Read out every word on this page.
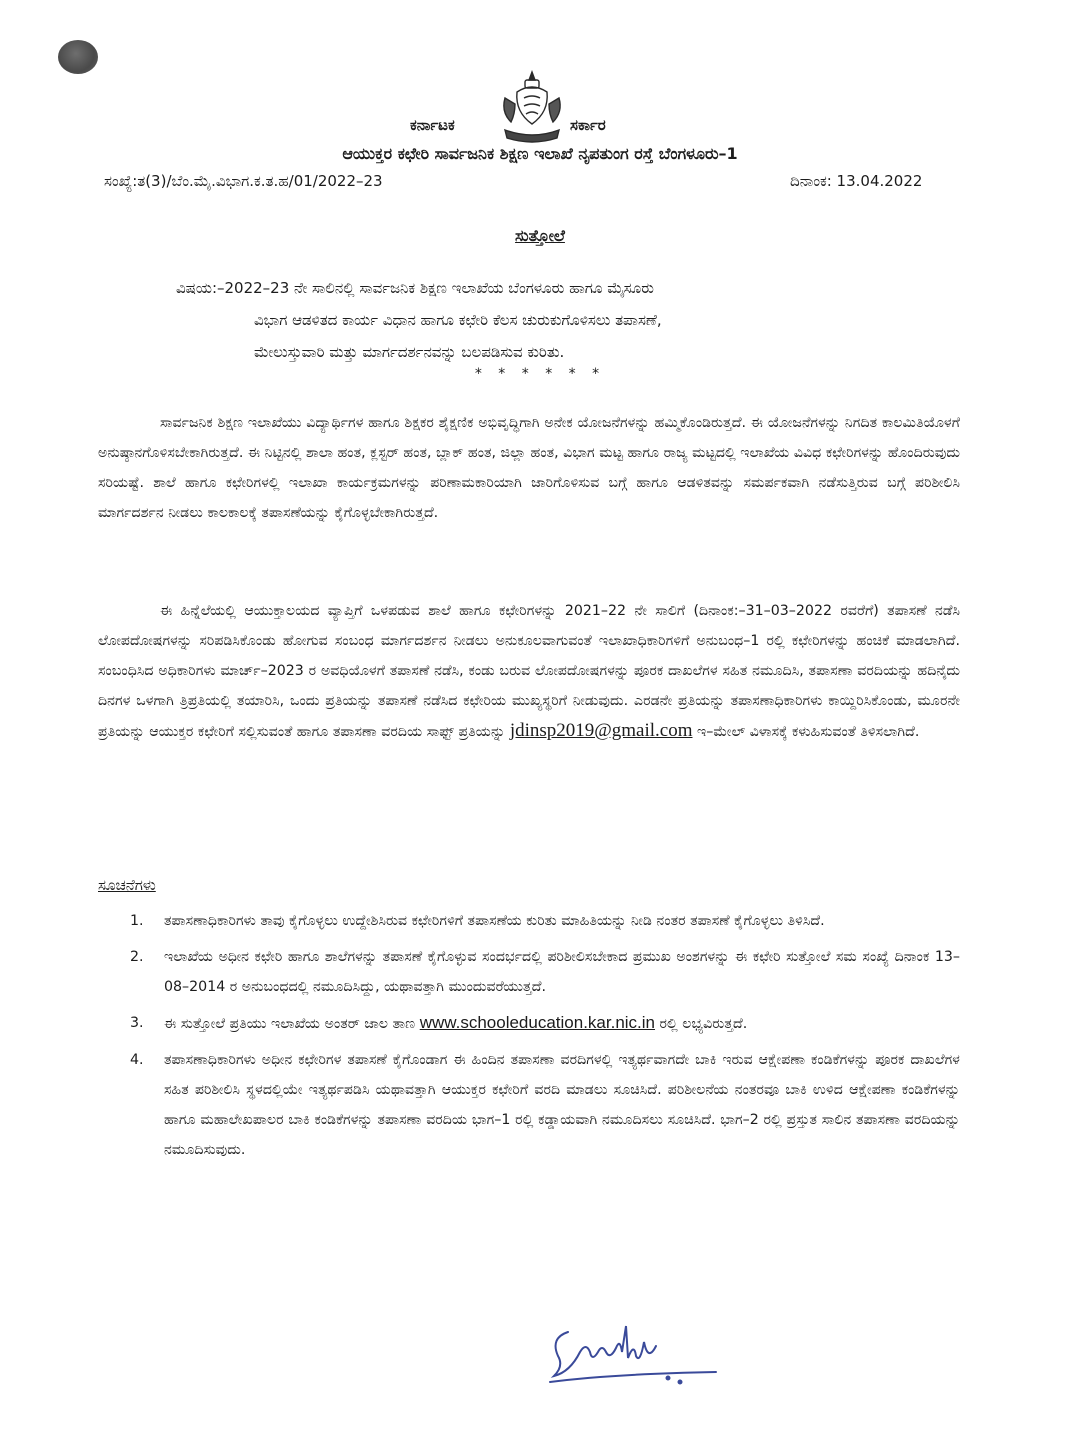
ಕರ್ನಾಟಕ	ಸರ್ಕಾರ
ಆಯುಕ್ತರ ಕಛೇರಿ ಸಾರ್ವಜನಿಕ ಶಿಕ್ಷಣ ಇಲಾಖೆ ನೃಪತುಂಗ ರಸ್ತೆ ಬೆಂಗಳೂರು–1
ಸಂಖ್ಯೆ:ತ(3)/ಬೆಂ.ಮೈ.ವಿಭಾಗ.ಕ.ತ.ಹ/01/2022–23	ದಿನಾಂಕ: 13.04.2022
ಸುತ್ತೋಲೆ
ವಿಷಯ:–2022–23 ನೇ ಸಾಲಿನಲ್ಲಿ ಸಾರ್ವಜನಿಕ ಶಿಕ್ಷಣ ಇಲಾಖೆಯ ಬೆಂಗಳೂರು ಹಾಗೂ ಮೈಸೂರು
ವಿಭಾಗ ಆಡಳಿತದ ಕಾರ್ಯ ವಿಧಾನ ಹಾಗೂ ಕಛೇರಿ ಕೆಲಸ ಚುರುಕುಗೊಳಿಸಲು ತಪಾಸಣೆ,
ಮೇಲುಸ್ತುವಾರಿ ಮತ್ತು ಮಾರ್ಗದರ್ಶನವನ್ನು ಬಲಪಡಿಸುವ ಕುರಿತು.
* * * * * *

ಸಾರ್ವಜನಿಕ ಶಿಕ್ಷಣ ಇಲಾಖೆಯು ವಿದ್ಯಾರ್ಥಿಗಳ ಹಾಗೂ ಶಿಕ್ಷಕರ ಶೈಕ್ಷಣಿಕ ಅಭಿವೃದ್ಧಿಗಾಗಿ ಅನೇಕ ಯೋಜನೆಗಳನ್ನು ಹಮ್ಮಿಕೊಂಡಿರುತ್ತದೆ. ಈ ಯೋಜನೆಗಳನ್ನು ನಿಗದಿತ ಕಾಲಮಿತಿಯೊಳಗೆ ಅನುಷ್ಠಾನಗೊಳಿಸಬೇಕಾಗಿರುತ್ತದೆ. ಈ ನಿಟ್ಟಿನಲ್ಲಿ ಶಾಲಾ ಹಂತ, ಕ್ಲಸ್ಟರ್ ಹಂತ, ಬ್ಲಾಕ್ ಹಂತ, ಜಿಲ್ಲಾ ಹಂತ, ವಿಭಾಗ ಮಟ್ಟ ಹಾಗೂ ರಾಜ್ಯ ಮಟ್ಟದಲ್ಲಿ ಇಲಾಖೆಯ ವಿವಿಧ ಕಛೇರಿಗಳನ್ನು ಹೊಂದಿರುವುದು ಸರಿಯಷ್ಟೆ. ಶಾಲೆ ಹಾಗೂ ಕಛೇರಿಗಳಲ್ಲಿ ಇಲಾಖಾ ಕಾರ್ಯಕ್ರಮಗಳನ್ನು ಪರಿಣಾಮಕಾರಿಯಾಗಿ ಜಾರಿಗೊಳಿಸುವ ಬಗ್ಗೆ ಹಾಗೂ ಆಡಳಿತವನ್ನು ಸಮರ್ಪಕವಾಗಿ ನಡೆಸುತ್ತಿರುವ ಬಗ್ಗೆ ಪರಿಶೀಲಿಸಿ ಮಾರ್ಗದರ್ಶನ ನೀಡಲು ಕಾಲಕಾಲಕ್ಕೆ ತಪಾಸಣೆಯನ್ನು ಕೈಗೊಳ್ಳಬೇಕಾಗಿರುತ್ತದೆ.

ಈ ಹಿನ್ನೆಲೆಯಲ್ಲಿ ಆಯುಕ್ತಾಲಯದ ವ್ಯಾಪ್ತಿಗೆ ಒಳಪಡುವ ಶಾಲೆ ಹಾಗೂ ಕಛೇರಿಗಳನ್ನು 2021–22 ನೇ ಸಾಲಿಗೆ (ದಿನಾಂಕ:–31–03–2022 ರವರೆಗೆ) ತಪಾಸಣೆ ನಡೆಸಿ ಲೋಪದೋಷಗಳನ್ನು ಸರಿಪಡಿಸಿಕೊಂಡು ಹೋಗುವ ಸಂಬಂಧ ಮಾರ್ಗದರ್ಶನ ನೀಡಲು ಅನುಕೂಲವಾಗುವಂತೆ ಇಲಾಖಾಧಿಕಾರಿಗಳಿಗೆ ಅನುಬಂಧ–1 ರಲ್ಲಿ ಕಛೇರಿಗಳನ್ನು ಹಂಚಿಕೆ ಮಾಡಲಾಗಿದೆ. ಸಂಬಂಧಿಸಿದ ಅಧಿಕಾರಿಗಳು ಮಾರ್ಚ್–2023 ರ ಅವಧಿಯೊಳಗೆ ತಪಾಸಣೆ ನಡೆಸಿ, ಕಂಡು ಬರುವ ಲೋಪದೋಷಗಳನ್ನು ಪೂರಕ ದಾಖಲೆಗಳ ಸಹಿತ ನಮೂದಿಸಿ, ತಪಾಸಣಾ ವರದಿಯನ್ನು ಹದಿನೈದು ದಿನಗಳ ಒಳಗಾಗಿ ತ್ರಿಪ್ರತಿಯಲ್ಲಿ ತಯಾರಿಸಿ, ಒಂದು ಪ್ರತಿಯನ್ನು ತಪಾಸಣೆ ನಡೆಸಿದ ಕಛೇರಿಯ ಮುಖ್ಯಸ್ಥರಿಗೆ ನೀಡುವುದು. ಎರಡನೇ ಪ್ರತಿಯನ್ನು ತಪಾಸಣಾಧಿಕಾರಿಗಳು ಕಾಯ್ದಿರಿಸಿಕೊಂಡು, ಮೂರನೇ ಪ್ರತಿಯನ್ನು ಆಯುಕ್ತರ ಕಛೇರಿಗೆ ಸಲ್ಲಿಸುವಂತೆ ಹಾಗೂ ತಪಾಸಣಾ ವರದಿಯ ಸಾಫ್ಟ್ ಪ್ರತಿಯನ್ನು jdinsp2019@gmail.com ಇ–ಮೇಲ್ ವಿಳಾಸಕ್ಕೆ ಕಳುಹಿಸುವಂತೆ ತಿಳಿಸಲಾಗಿದೆ.

ಸೂಚನೆಗಳು
1. ತಪಾಸಣಾಧಿಕಾರಿಗಳು ತಾವು ಕೈಗೊಳ್ಳಲು ಉದ್ದೇಶಿಸಿರುವ ಕಛೇರಿಗಳಿಗೆ ತಪಾಸಣೆಯ ಕುರಿತು ಮಾಹಿತಿಯನ್ನು ನೀಡಿ ನಂತರ ತಪಾಸಣೆ ಕೈಗೊಳ್ಳಲು ತಿಳಿಸಿದೆ.
2. ಇಲಾಖೆಯ ಅಧೀನ ಕಛೇರಿ ಹಾಗೂ ಶಾಲೆಗಳನ್ನು ತಪಾಸಣೆ ಕೈಗೊಳ್ಳುವ ಸಂದರ್ಭದಲ್ಲಿ ಪರಿಶೀಲಿಸಬೇಕಾದ ಪ್ರಮುಖ ಅಂಶಗಳನ್ನು ಈ ಕಛೇರಿ ಸುತ್ತೋಲೆ ಸಮ ಸಂಖ್ಯೆ ದಿನಾಂಕ 13–08–2014 ರ ಅನುಬಂಧದಲ್ಲಿ ನಮೂದಿಸಿದ್ದು, ಯಥಾವತ್ತಾಗಿ ಮುಂದುವರೆಯುತ್ತದೆ.
3. ಈ ಸುತ್ತೋಲೆ ಪ್ರತಿಯು ಇಲಾಖೆಯ ಅಂತರ್ ಜಾಲ ತಾಣ www.schooleducation.kar.nic.in ರಲ್ಲಿ ಲಭ್ಯವಿರುತ್ತದೆ.
4. ತಪಾಸಣಾಧಿಕಾರಿಗಳು ಅಧೀನ ಕಛೇರಿಗಳ ತಪಾಸಣೆ ಕೈಗೊಂಡಾಗ ಈ ಹಿಂದಿನ ತಪಾಸಣಾ ವರದಿಗಳಲ್ಲಿ ಇತ್ಯರ್ಥವಾಗದೇ ಬಾಕಿ ಇರುವ ಆಕ್ಷೇಪಣಾ ಕಂಡಿಕೆಗಳನ್ನು ಪೂರಕ ದಾಖಲೆಗಳ ಸಹಿತ ಪರಿಶೀಲಿಸಿ ಸ್ಥಳದಲ್ಲಿಯೇ ಇತ್ಯರ್ಥಪಡಿಸಿ ಯಥಾವತ್ತಾಗಿ ಆಯುಕ್ತರ ಕಛೇರಿಗೆ ವರದಿ ಮಾಡಲು ಸೂಚಿಸಿದೆ. ಪರಿಶೀಲನೆಯ ನಂತರವೂ ಬಾಕಿ ಉಳಿದ ಆಕ್ಷೇಪಣಾ ಕಂಡಿಕೆಗಳನ್ನು ಹಾಗೂ ಮಹಾಲೇಖಪಾಲರ ಬಾಕಿ ಕಂಡಿಕೆಗಳನ್ನು ತಪಾಸಣಾ ವರದಿಯ ಭಾಗ–1 ರಲ್ಲಿ ಕಡ್ಡಾಯವಾಗಿ ನಮೂದಿಸಲು ಸೂಚಿಸಿದೆ. ಭಾಗ–2 ರಲ್ಲಿ ಪ್ರಸ್ತುತ ಸಾಲಿನ ತಪಾಸಣಾ ವರದಿಯನ್ನು ನಮೂದಿಸುವುದು.
